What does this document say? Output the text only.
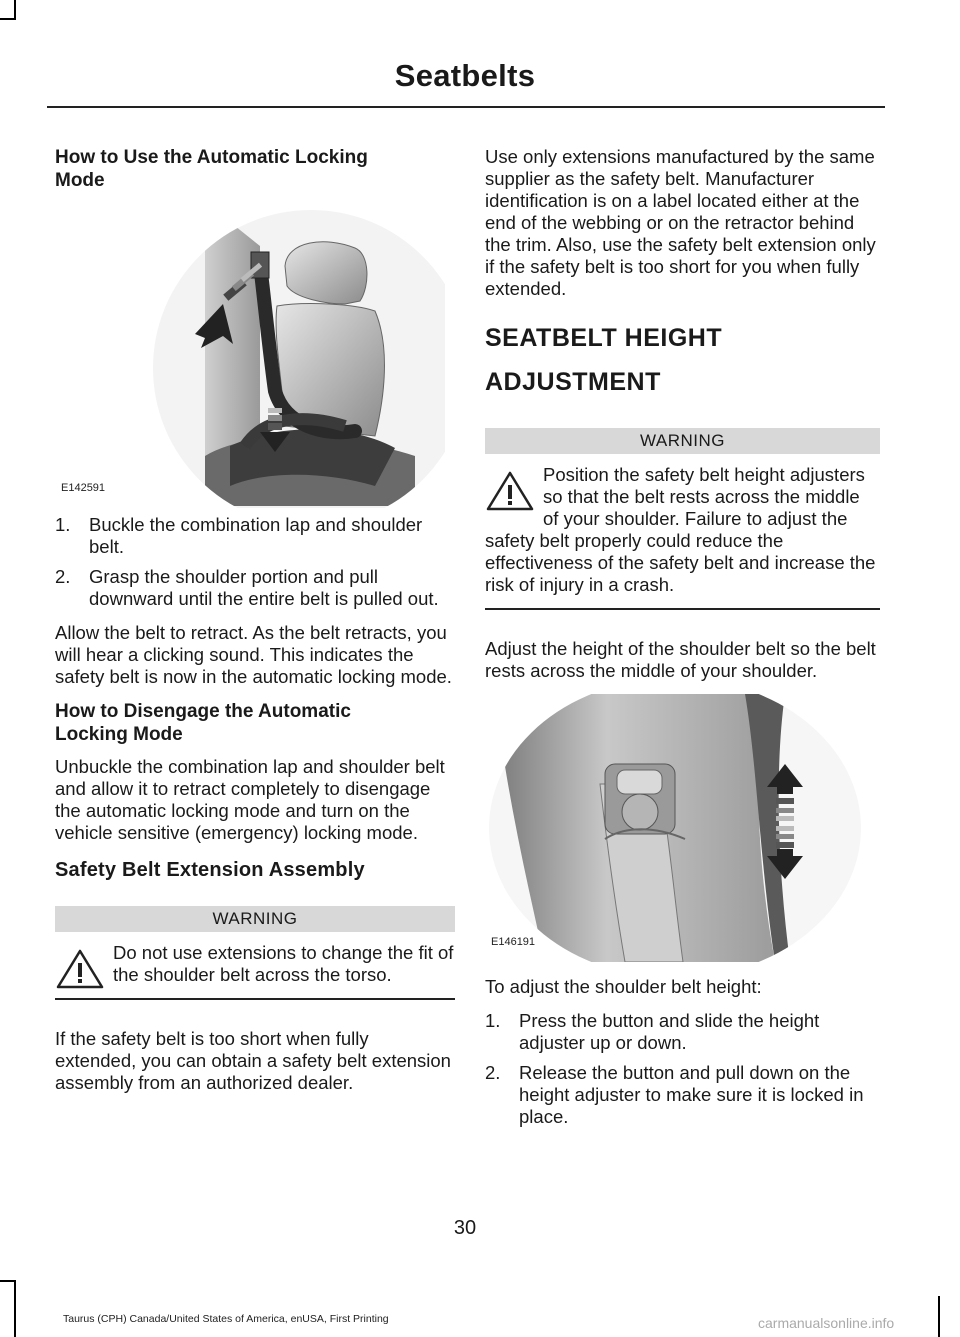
Seatbelts
How to Use the Automatic Locking Mode
E142591
1.	Buckle the combination lap and shoulder belt.
2.	Grasp the shoulder portion and pull downward until the entire belt is pulled out.
Allow the belt to retract. As the belt retracts, you will hear a clicking sound. This indicates the safety belt is now in the automatic locking mode.
How to Disengage the Automatic Locking Mode
Unbuckle the combination lap and shoulder belt and allow it to retract completely to disengage the automatic locking mode and turn on the vehicle sensitive (emergency) locking mode.
Safety Belt Extension Assembly
WARNING
Do not use extensions to change the fit of the shoulder belt across the torso.
If the safety belt is too short when fully extended, you can obtain a safety belt extension assembly from an authorized dealer.
Use only extensions manufactured by the same supplier as the safety belt. Manufacturer identification is on a label located either at the end of the webbing or on the retractor behind the trim. Also, use the safety belt extension only if the safety belt is too short for you when fully extended.
SEATBELT HEIGHT
ADJUSTMENT
WARNING
Position the safety belt height adjusters so that the belt rests across the middle of your shoulder. Failure to adjust the safety belt properly could reduce the effectiveness of the safety belt and increase the risk of injury in a crash.
Adjust the height of the shoulder belt so the belt rests across the middle of your shoulder.
E146191
To adjust the shoulder belt height:
1.	Press the button and slide the height adjuster up or down.
2.	Release the button and pull down on the height adjuster to make sure it is locked in place.
30
Taurus (CPH) Canada/United States of America, enUSA, First Printing	carmanualsonline.info
